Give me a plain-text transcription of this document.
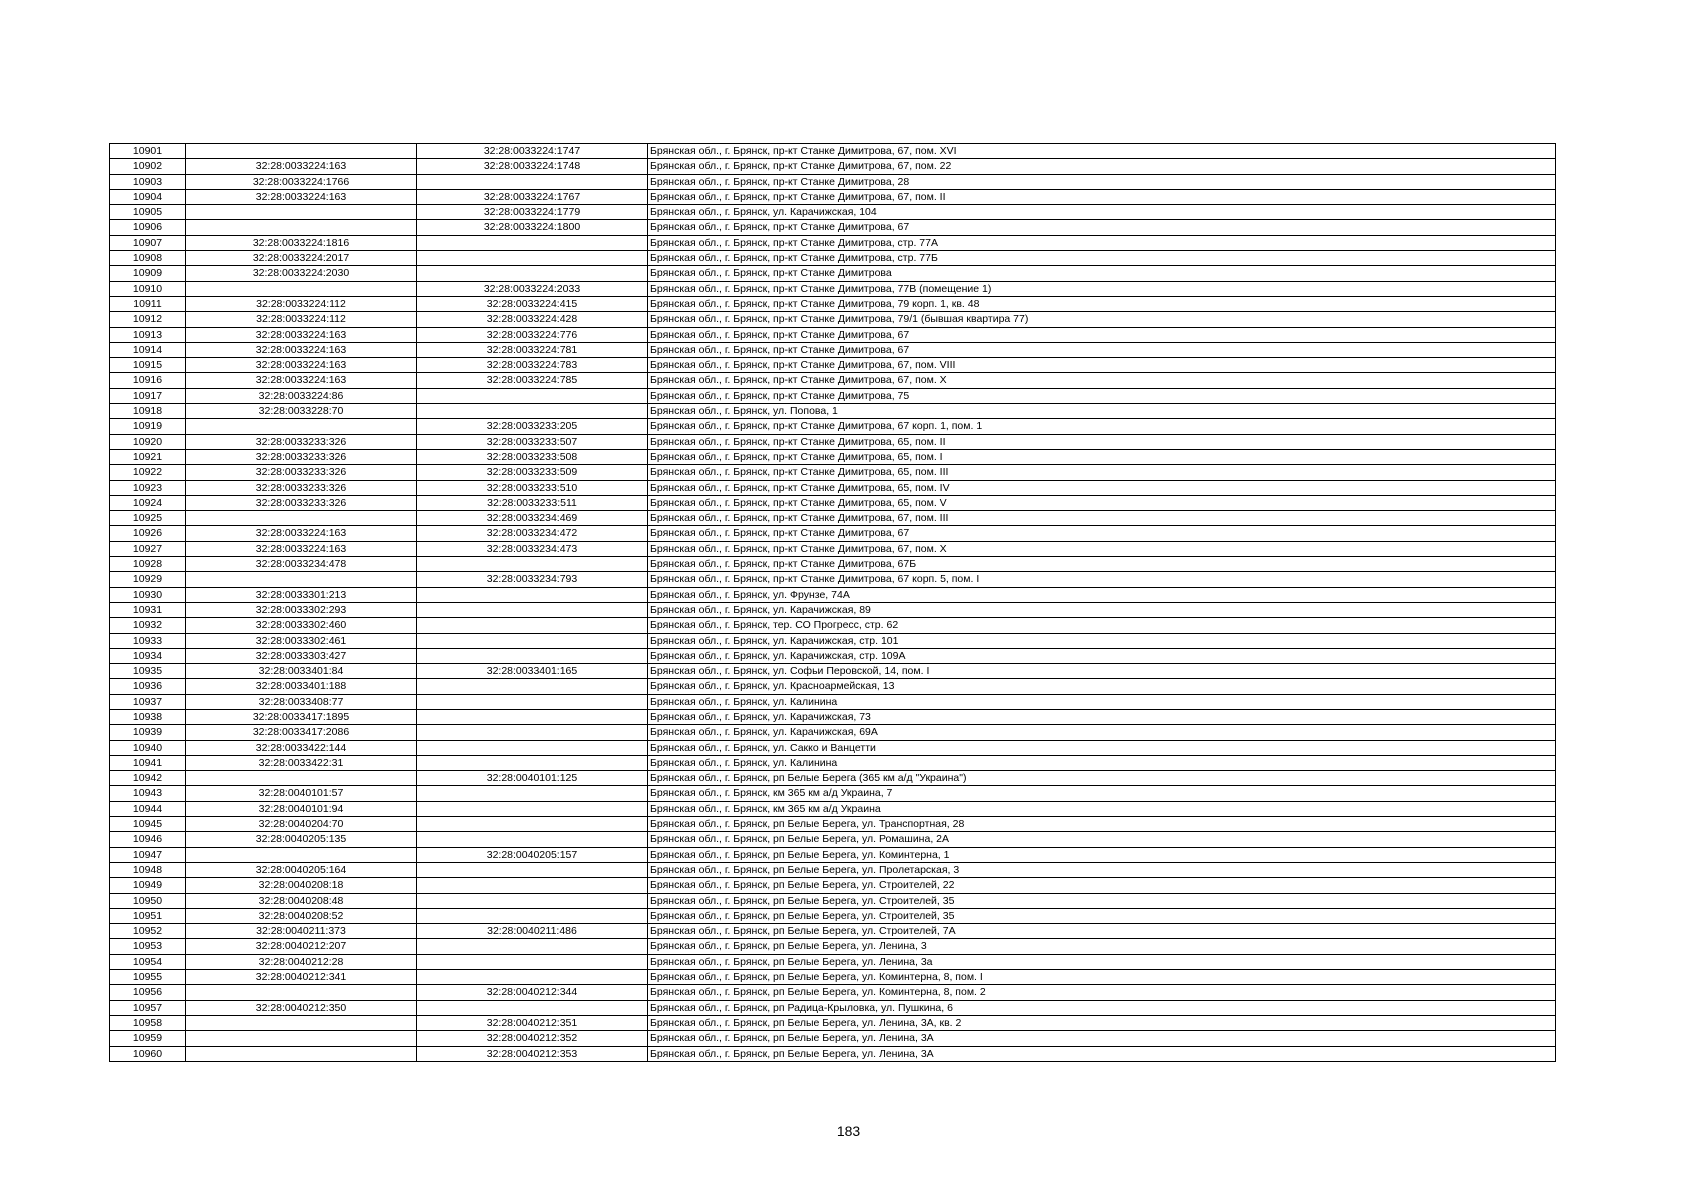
10901		32:28:0033224:1747	Брянская обл., г. Брянск, пр-кт Станке Димитрова, 67, пом. XVI
10902	32:28:0033224:163	32:28:0033224:1748	Брянская обл., г. Брянск, пр-кт Станке Димитрова, 67, пом. 22
10903	32:28:0033224:1766		Брянская обл., г. Брянск, пр-кт Станке Димитрова, 28
10904	32:28:0033224:163	32:28:0033224:1767	Брянская обл., г. Брянск, пр-кт Станке Димитрова, 67, пом. II
10905		32:28:0033224:1779	Брянская обл., г. Брянск, ул. Карачижская, 104
10906		32:28:0033224:1800	Брянская обл., г. Брянск, пр-кт Станке Димитрова, 67
10907	32:28:0033224:1816		Брянская обл., г. Брянск, пр-кт Станке Димитрова, стр. 77А
10908	32:28:0033224:2017		Брянская обл., г. Брянск, пр-кт Станке Димитрова, стр. 77Б
10909	32:28:0033224:2030		Брянская обл., г. Брянск, пр-кт Станке Димитрова
10910		32:28:0033224:2033	Брянская обл., г. Брянск, пр-кт Станке Димитрова, 77В (помещение 1)
10911	32:28:0033224:112	32:28:0033224:415	Брянская обл., г. Брянск, пр-кт Станке Димитрова, 79 корп. 1, кв. 48
10912	32:28:0033224:112	32:28:0033224:428	Брянская обл., г. Брянск, пр-кт Станке Димитрова, 79/1 (бывшая квартира 77)
10913	32:28:0033224:163	32:28:0033224:776	Брянская обл., г. Брянск, пр-кт Станке Димитрова, 67
10914	32:28:0033224:163	32:28:0033224:781	Брянская обл., г. Брянск, пр-кт Станке Димитрова, 67
10915	32:28:0033224:163	32:28:0033224:783	Брянская обл., г. Брянск, пр-кт Станке Димитрова, 67, пом. VIII
10916	32:28:0033224:163	32:28:0033224:785	Брянская обл., г. Брянск, пр-кт Станке Димитрова, 67, пом. X
10917	32:28:0033224:86		Брянская обл., г. Брянск, пр-кт Станке Димитрова, 75
10918	32:28:0033228:70		Брянская обл., г. Брянск, ул. Попова, 1
10919		32:28:0033233:205	Брянская обл., г. Брянск, пр-кт Станке Димитрова, 67 корп. 1, пом. 1
10920	32:28:0033233:326	32:28:0033233:507	Брянская обл., г. Брянск, пр-кт Станке Димитрова, 65, пом. II
10921	32:28:0033233:326	32:28:0033233:508	Брянская обл., г. Брянск, пр-кт Станке Димитрова, 65, пом. I
10922	32:28:0033233:326	32:28:0033233:509	Брянская обл., г. Брянск, пр-кт Станке Димитрова, 65, пом. III
10923	32:28:0033233:326	32:28:0033233:510	Брянская обл., г. Брянск, пр-кт Станке Димитрова, 65, пом. IV
10924	32:28:0033233:326	32:28:0033233:511	Брянская обл., г. Брянск, пр-кт Станке Димитрова, 65, пом. V
10925		32:28:0033234:469	Брянская обл., г. Брянск, пр-кт Станке Димитрова, 67, пом. III
10926	32:28:0033224:163	32:28:0033234:472	Брянская обл., г. Брянск, пр-кт Станке Димитрова, 67
10927	32:28:0033224:163	32:28:0033234:473	Брянская обл., г. Брянск, пр-кт Станке Димитрова, 67, пом. X
10928	32:28:0033234:478		Брянская обл., г. Брянск, пр-кт Станке Димитрова, 67Б
10929		32:28:0033234:793	Брянская обл., г. Брянск, пр-кт Станке Димитрова, 67 корп. 5, пом. I
10930	32:28:0033301:213		Брянская обл., г. Брянск, ул. Фрунзе, 74А
10931	32:28:0033302:293		Брянская обл., г. Брянск, ул. Карачижская, 89
10932	32:28:0033302:460		Брянская обл., г. Брянск, тер. СО Прогресс, стр. 62
10933	32:28:0033302:461		Брянская обл., г. Брянск, ул. Карачижская, стр. 101
10934	32:28:0033303:427		Брянская обл., г. Брянск, ул. Карачижская, стр. 109А
10935	32:28:0033401:84	32:28:0033401:165	Брянская обл., г. Брянск, ул. Софьи Перовской, 14, пом. I
10936	32:28:0033401:188		Брянская обл., г. Брянск, ул. Красноармейская, 13
10937	32:28:0033408:77		Брянская обл., г. Брянск, ул. Калинина
10938	32:28:0033417:1895		Брянская обл., г. Брянск, ул. Карачижская, 73
10939	32:28:0033417:2086		Брянская обл., г. Брянск, ул. Карачижская, 69А
10940	32:28:0033422:144		Брянская обл., г. Брянск, ул. Сакко и Ванцетти
10941	32:28:0033422:31		Брянская обл., г. Брянск, ул. Калинина
10942		32:28:0040101:125	Брянская обл., г. Брянск, рп Белые Берега (365 км а/д "Украина")
10943	32:28:0040101:57		Брянская обл., г. Брянск, км 365 км а/д Украина, 7
10944	32:28:0040101:94		Брянская обл., г. Брянск, км 365 км а/д Украина
10945	32:28:0040204:70		Брянская обл., г. Брянск, рп Белые Берега, ул. Транспортная, 28
10946	32:28:0040205:135		Брянская обл., г. Брянск, рп Белые Берега, ул. Ромашина, 2А
10947		32:28:0040205:157	Брянская обл., г. Брянск, рп Белые Берега, ул. Коминтерна, 1
10948	32:28:0040205:164		Брянская обл., г. Брянск, рп Белые Берега, ул. Пролетарская, 3
10949	32:28:0040208:18		Брянская обл., г. Брянск, рп Белые Берега, ул. Строителей, 22
10950	32:28:0040208:48		Брянская обл., г. Брянск, рп Белые Берега, ул. Строителей, 35
10951	32:28:0040208:52		Брянская обл., г. Брянск, рп Белые Берега, ул. Строителей, 35
10952	32:28:0040211:373	32:28:0040211:486	Брянская обл., г. Брянск, рп Белые Берега, ул. Строителей, 7А
10953	32:28:0040212:207		Брянская обл., г. Брянск, рп Белые Берега, ул. Ленина, 3
10954	32:28:0040212:28		Брянская обл., г. Брянск, рп Белые Берега, ул. Ленина, 3а
10955	32:28:0040212:341		Брянская обл., г. Брянск, рп Белые Берега, ул. Коминтерна, 8, пом. I
10956		32:28:0040212:344	Брянская обл., г. Брянск, рп Белые Берега, ул. Коминтерна, 8, пом. 2
10957	32:28:0040212:350		Брянская обл., г. Брянск, рп Радица-Крыловка, ул. Пушкина, 6
10958		32:28:0040212:351	Брянская обл., г. Брянск, рп Белые Берега, ул. Ленина, 3А, кв. 2
10959		32:28:0040212:352	Брянская обл., г. Брянск, рп Белые Берега, ул. Ленина, 3А
10960		32:28:0040212:353	Брянская обл., г. Брянск, рп Белые Берега, ул. Ленина, 3А
183
